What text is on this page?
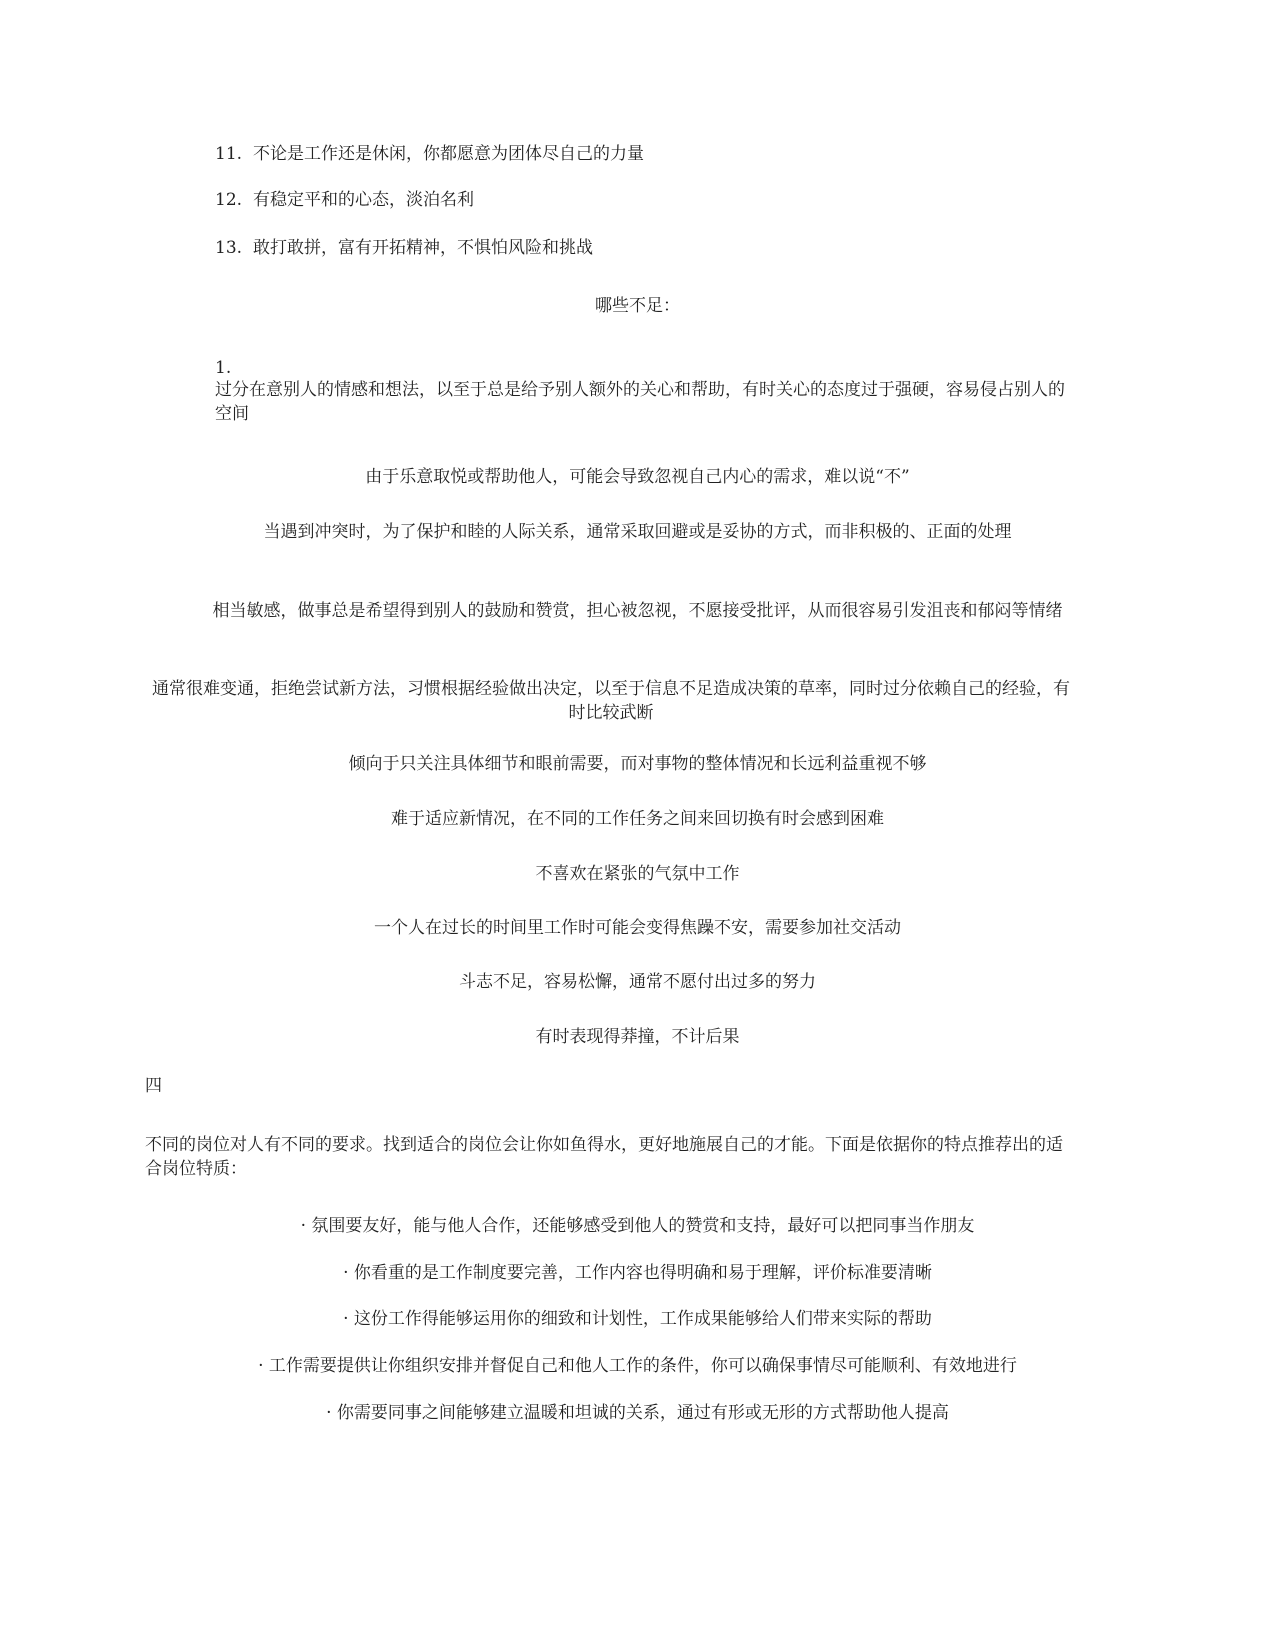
11. 不论是工作还是休闲，你都愿意为团体尽自己的力量
12. 有稳定平和的心态，淡泊名利
13. 敢打敢拼，富有开拓精神，不惧怕风险和挑战
哪些不足：
1.
过分在意别人的情感和想法，以至于总是给予别人额外的关心和帮助，有时关心的态度过于强硬，容易侵占别人的空间
由于乐意取悦或帮助他人，可能会导致忽视自己内心的需求，难以说“不”
当遇到冲突时，为了保护和睦的人际关系，通常采取回避或是妥协的方式，而非积极的、正面的处理
相当敏感，做事总是希望得到别人的鼓励和赞赏，担心被忽视，不愿接受批评，从而很容易引发沮丧和郁闷等情绪
通常很难变通，拒绝尝试新方法，习惯根据经验做出决定，以至于信息不足造成决策的草率，同时过分依赖自己的经验，有时比较武断
倾向于只关注具体细节和眼前需要，而对事物的整体情况和长远利益重视不够
难于适应新情况，在不同的工作任务之间来回切换有时会感到困难
不喜欢在紧张的气氛中工作
一个人在过长的时间里工作时可能会变得焦躁不安，需要参加社交活动
斗志不足，容易松懈，通常不愿付出过多的努力
有时表现得莽撞，不计后果
四
不同的岗位对人有不同的要求。找到适合的岗位会让你如鱼得水，更好地施展自己的才能。下面是依据你的特点推荐出的适合岗位特质：
· 氛围要友好，能与他人合作，还能够感受到他人的赞赏和支持，最好可以把同事当作朋友
· 你看重的是工作制度要完善，工作内容也得明确和易于理解，评价标准要清晰
· 这份工作得能够运用你的细致和计划性，工作成果能够给人们带来实际的帮助
· 工作需要提供让你组织安排并督促自己和他人工作的条件，你可以确保事情尽可能顺利、有效地进行
· 你需要同事之间能够建立温暖和坦诚的关系，通过有形或无形的方式帮助他人提高
